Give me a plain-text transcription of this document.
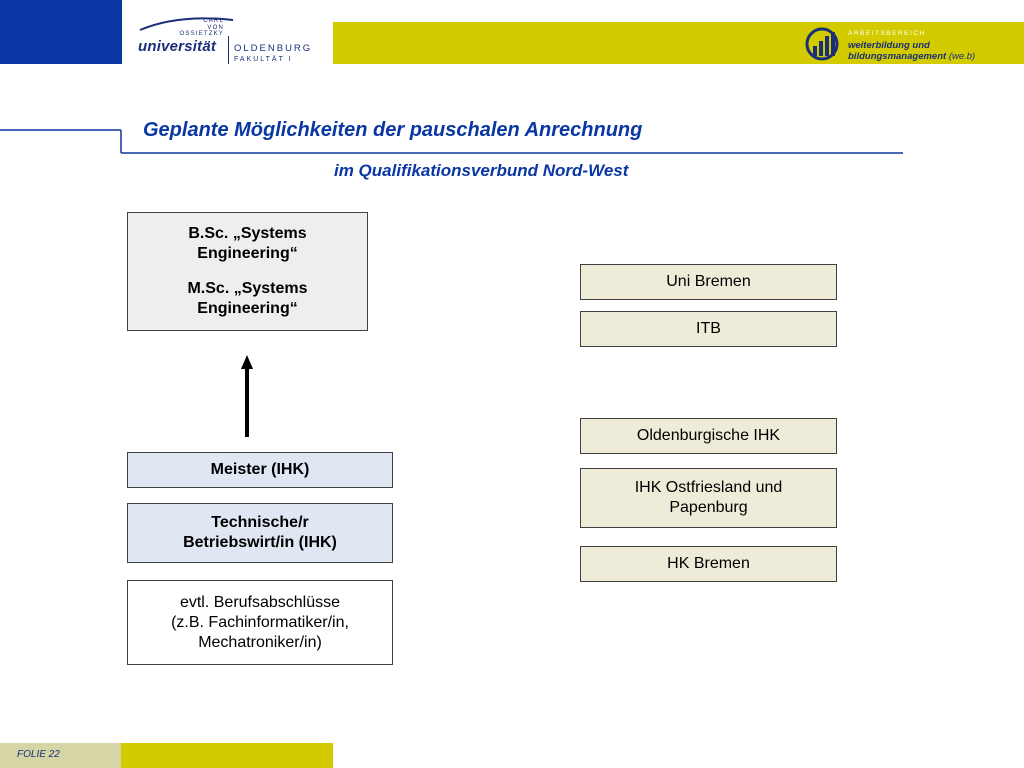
CARL
VON
OSSIETZKY
universität OLDENBURG
FAKULTÄT I
ARBEITSBEREICH
weiterbildung und
bildungsmanagement (we.b)
Geplante Möglichkeiten der pauschalen Anrechnung
im Qualifikationsverbund Nord-West

B.Sc. „Systems Engineering“

M.Sc. „Systems Engineering“

Meister (IHK)
Technische/r Betriebswirt/in (IHK)
evtl. Berufsabschlüsse
(z.B. Fachinformatiker/in,
Mechatroniker/in)
Uni Bremen
ITB
Oldenburgische IHK
IHK Ostfriesland und Papenburg
HK Bremen
FOLIE 22
